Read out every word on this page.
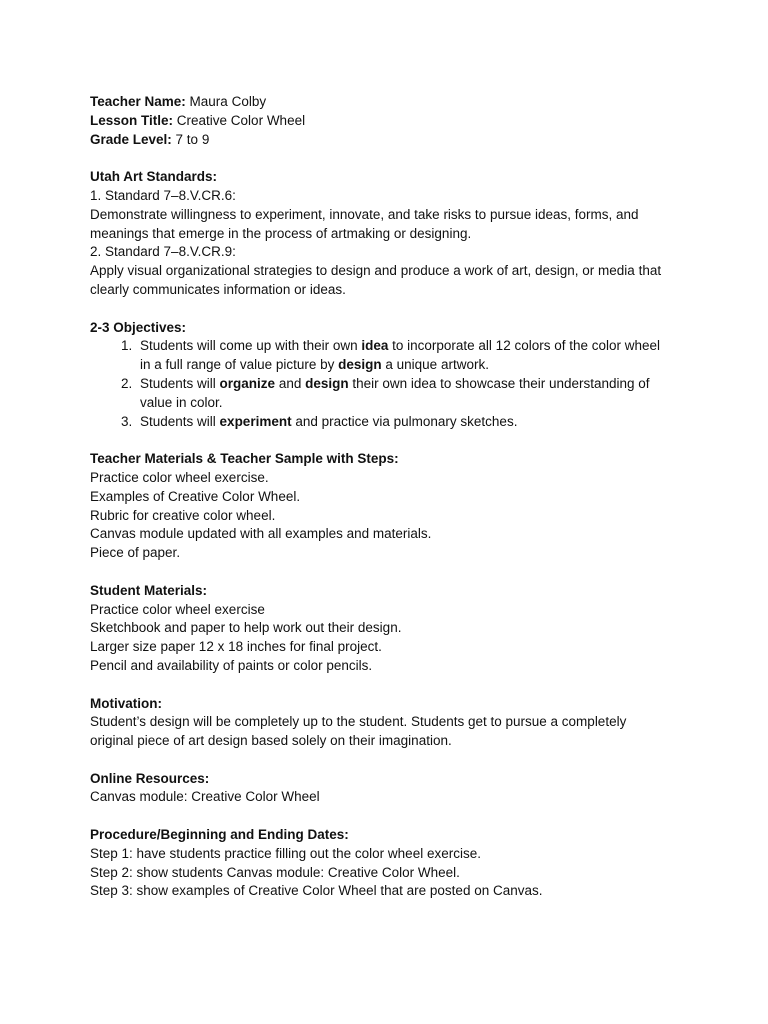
Teacher Name: Maura Colby
Lesson Title: Creative Color Wheel
Grade Level: 7 to 9
Utah Art Standards:
1. Standard 7–8.V.CR.6:
Demonstrate willingness to experiment, innovate, and take risks to pursue ideas, forms, and
meanings that emerge in the process of artmaking or designing.
2. Standard 7–8.V.CR.9:
Apply visual organizational strategies to design and produce a work of art, design, or media that
clearly communicates information or ideas.
2-3 Objectives:
1. Students will come up with their own idea to incorporate all 12 colors of the color wheel
in a full range of value picture by design a unique artwork.
2. Students will organize and design their own idea to showcase their understanding of
value in color.
3. Students will experiment and practice via pulmonary sketches.
Teacher Materials & Teacher Sample with Steps:
Practice color wheel exercise.
Examples of Creative Color Wheel.
Rubric for creative color wheel.
Canvas module updated with all examples and materials.
Piece of paper.
Student Materials:
Practice color wheel exercise
Sketchbook and paper to help work out their design.
Larger size paper 12 x 18 inches for final project.
Pencil and availability of paints or color pencils.
Motivation:
Student’s design will be completely up to the student. Students get to pursue a completely
original piece of art design based solely on their imagination.
Online Resources:
Canvas module: Creative Color Wheel
Procedure/Beginning and Ending Dates:
Step 1: have students practice filling out the color wheel exercise.
Step 2: show students Canvas module: Creative Color Wheel.
Step 3: show examples of Creative Color Wheel that are posted on Canvas.
